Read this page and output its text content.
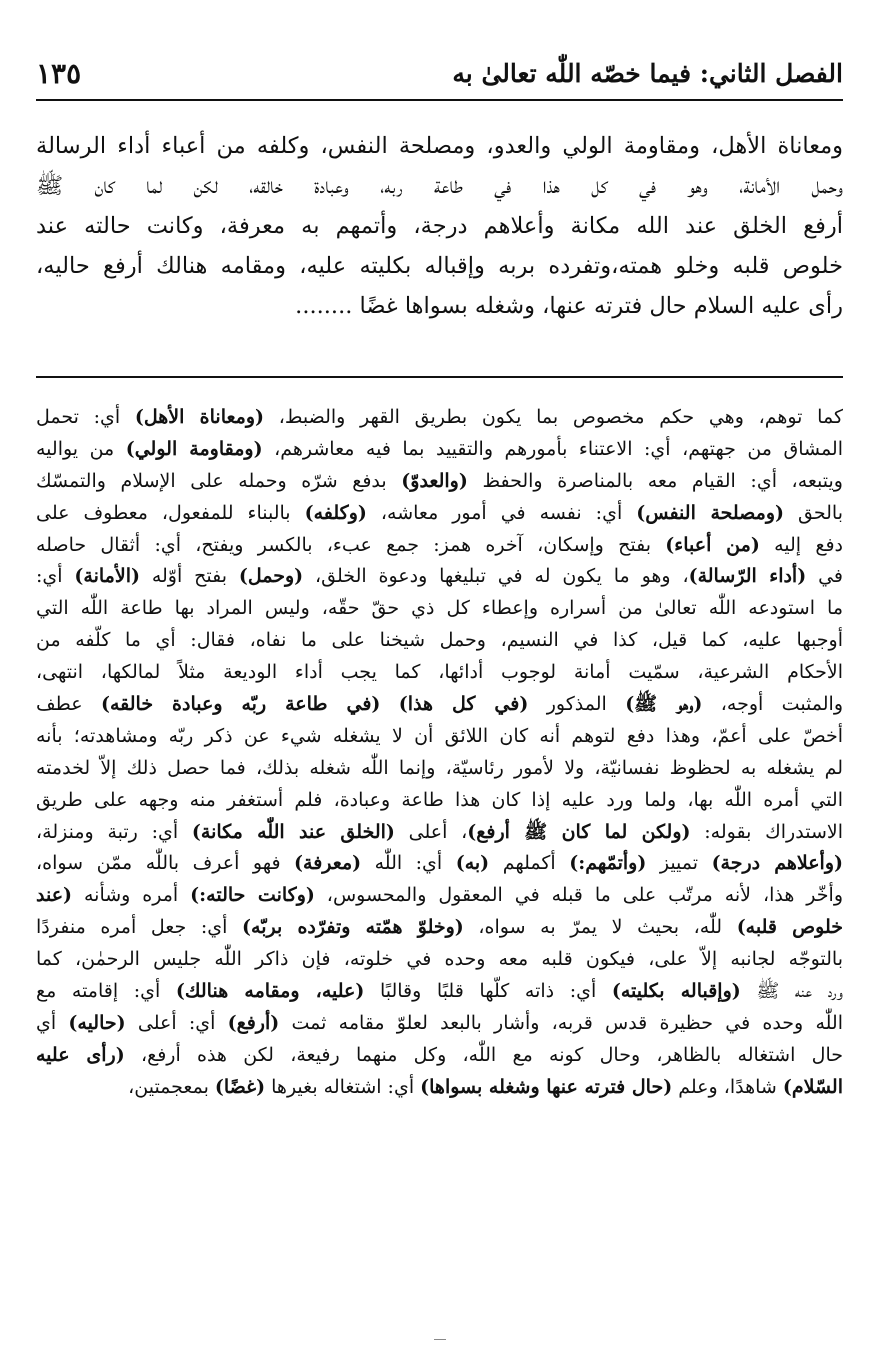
الفصل الثاني: فيما خصّه اللّٰه تعالىٰ به
١٣٥
ومعاناة الأهل، ومقاومة الولي والعدو، ومصلحة النفس، وكلفه من أعباء أداء الرسالة
وحمل الأمانة، وهو في كل هذا في طاعة ربه، وعبادة خالقه، لكن لما كان ﷺ
أرفع الخلق عند الله مكانة وأعلاهم درجة، وأتمهم به معرفة، وكانت حالته عند
خلوص قلبه وخلو همته،وتفرده بربه وإقباله بكليته عليه، ومقامه هنالك أرفع حاليه،
رأى عليه السلام حال فترته عنها، وشغله بسواها غضًا ........
كما توهم، وهي حكم مخصوص بما يكون بطريق القهر والضبط، (ومعاناة الأهل) أي: تحمل
المشاق من جهتهم، أي: الاعتناء بأمورهم والتقييد بما فيه معاشرهم، (ومقاومة الولي) من يواليه
ويتبعه، أي: القيام معه بالمناصرة والحفظ (والعدوّ) بدفع شرّه وحمله على الإسلام والتمسّك
بالحق (ومصلحة النفس) أي: نفسه في أمور معاشه، (وكلفه) بالبناء للمفعول، معطوف على
دفع إليه (من أعباء) بفتح وإسكان، آخره همز: جمع عبء، بالكسر ويفتح، أي: أثقال حاصله
في (أداء الرّسالة)، وهو ما يكون له في تبليغها ودعوة الخلق، (وحمل) بفتح أوّله (الأمانة) أي:
ما استودعه اللّٰه تعالىٰ من أسراره وإعطاء كل ذي حقّ حقّه، وليس المراد بها طاعة اللّٰه التي
أوجبها عليه، كما قيل، كذا في النسيم، وحمل شيخنا على ما نفاه، فقال: أي ما كلّفه من
الأحكام الشرعية، سمّيت أمانة لوجوب أدائها، كما يجب أداء الوديعة مثلاً لمالكها، انتهى،
والمثبت أوجه، (وهو ﷺ) المذكور (في كل هذا) (في طاعة ربّه وعبادة خالقه) عطف
أخصّ على أعمّ، وهذا دفع لتوهم أنه كان اللائق أن لا يشغله شيء عن ذكر ربّه ومشاهدته؛ بأنه
لم يشغله به لحظوظ نفسانيّة، ولا لأمور رئاسيّة، وإنما اللّٰه شغله بذلك، فما حصل ذلك إلاّ لخدمته
التي أمره اللّٰه بها، ولما ورد عليه إذا كان هذا طاعة وعبادة، فلم أستغفر منه وجهه على طريق
الاستدراك بقوله: (ولكن لما كان ﷺ أرفع)، أعلى (الخلق عند اللّٰه مكانة) أي: رتبة ومنزلة،
(وأعلاهم درجة) تمييز (وأتمّهم:) أكملهم (به) أي: اللّٰه (معرفة) فهو أعرف باللّٰه ممّن سواه،
وأخّر هذا، لأنه مرتّب على ما قبله في المعقول والمحسوس، (وكانت حالته:) أمره وشأنه (عند
خلوص قلبه) للّٰه، بحيث لا يمرّ به سواه، (وخلوّ همّته وتفرّده بربّه) أي: جعل أمره منفردًا
بالتوجّه لجانبه إلاّ على، فيكون قلبه معه وحده في خلوته، فإن ذاكر اللّٰه جليس الرحمٰن، كما
ورد عنه ﷺ (وإقباله بكليته) أي: ذاته كلّها قلبًا وقالبًا (عليه، ومقامه هنالك) أي: إقامته مع
اللّٰه وحده في حظيرة قدس قربه، وأشار بالبعد لعلوّ مقامه ثمت (أرفع) أي: أعلى (حاليه) أي
حال اشتغاله بالظاهر، وحال كونه مع اللّٰه، وكل منهما رفيعة، لكن هذه أرفع، (رأى عليه
السّلام) شاهدًا، وعلم (حال فترته عنها وشغله بسواها) أي: اشتغاله بغيرها (غضًا) بمعجمتين،
